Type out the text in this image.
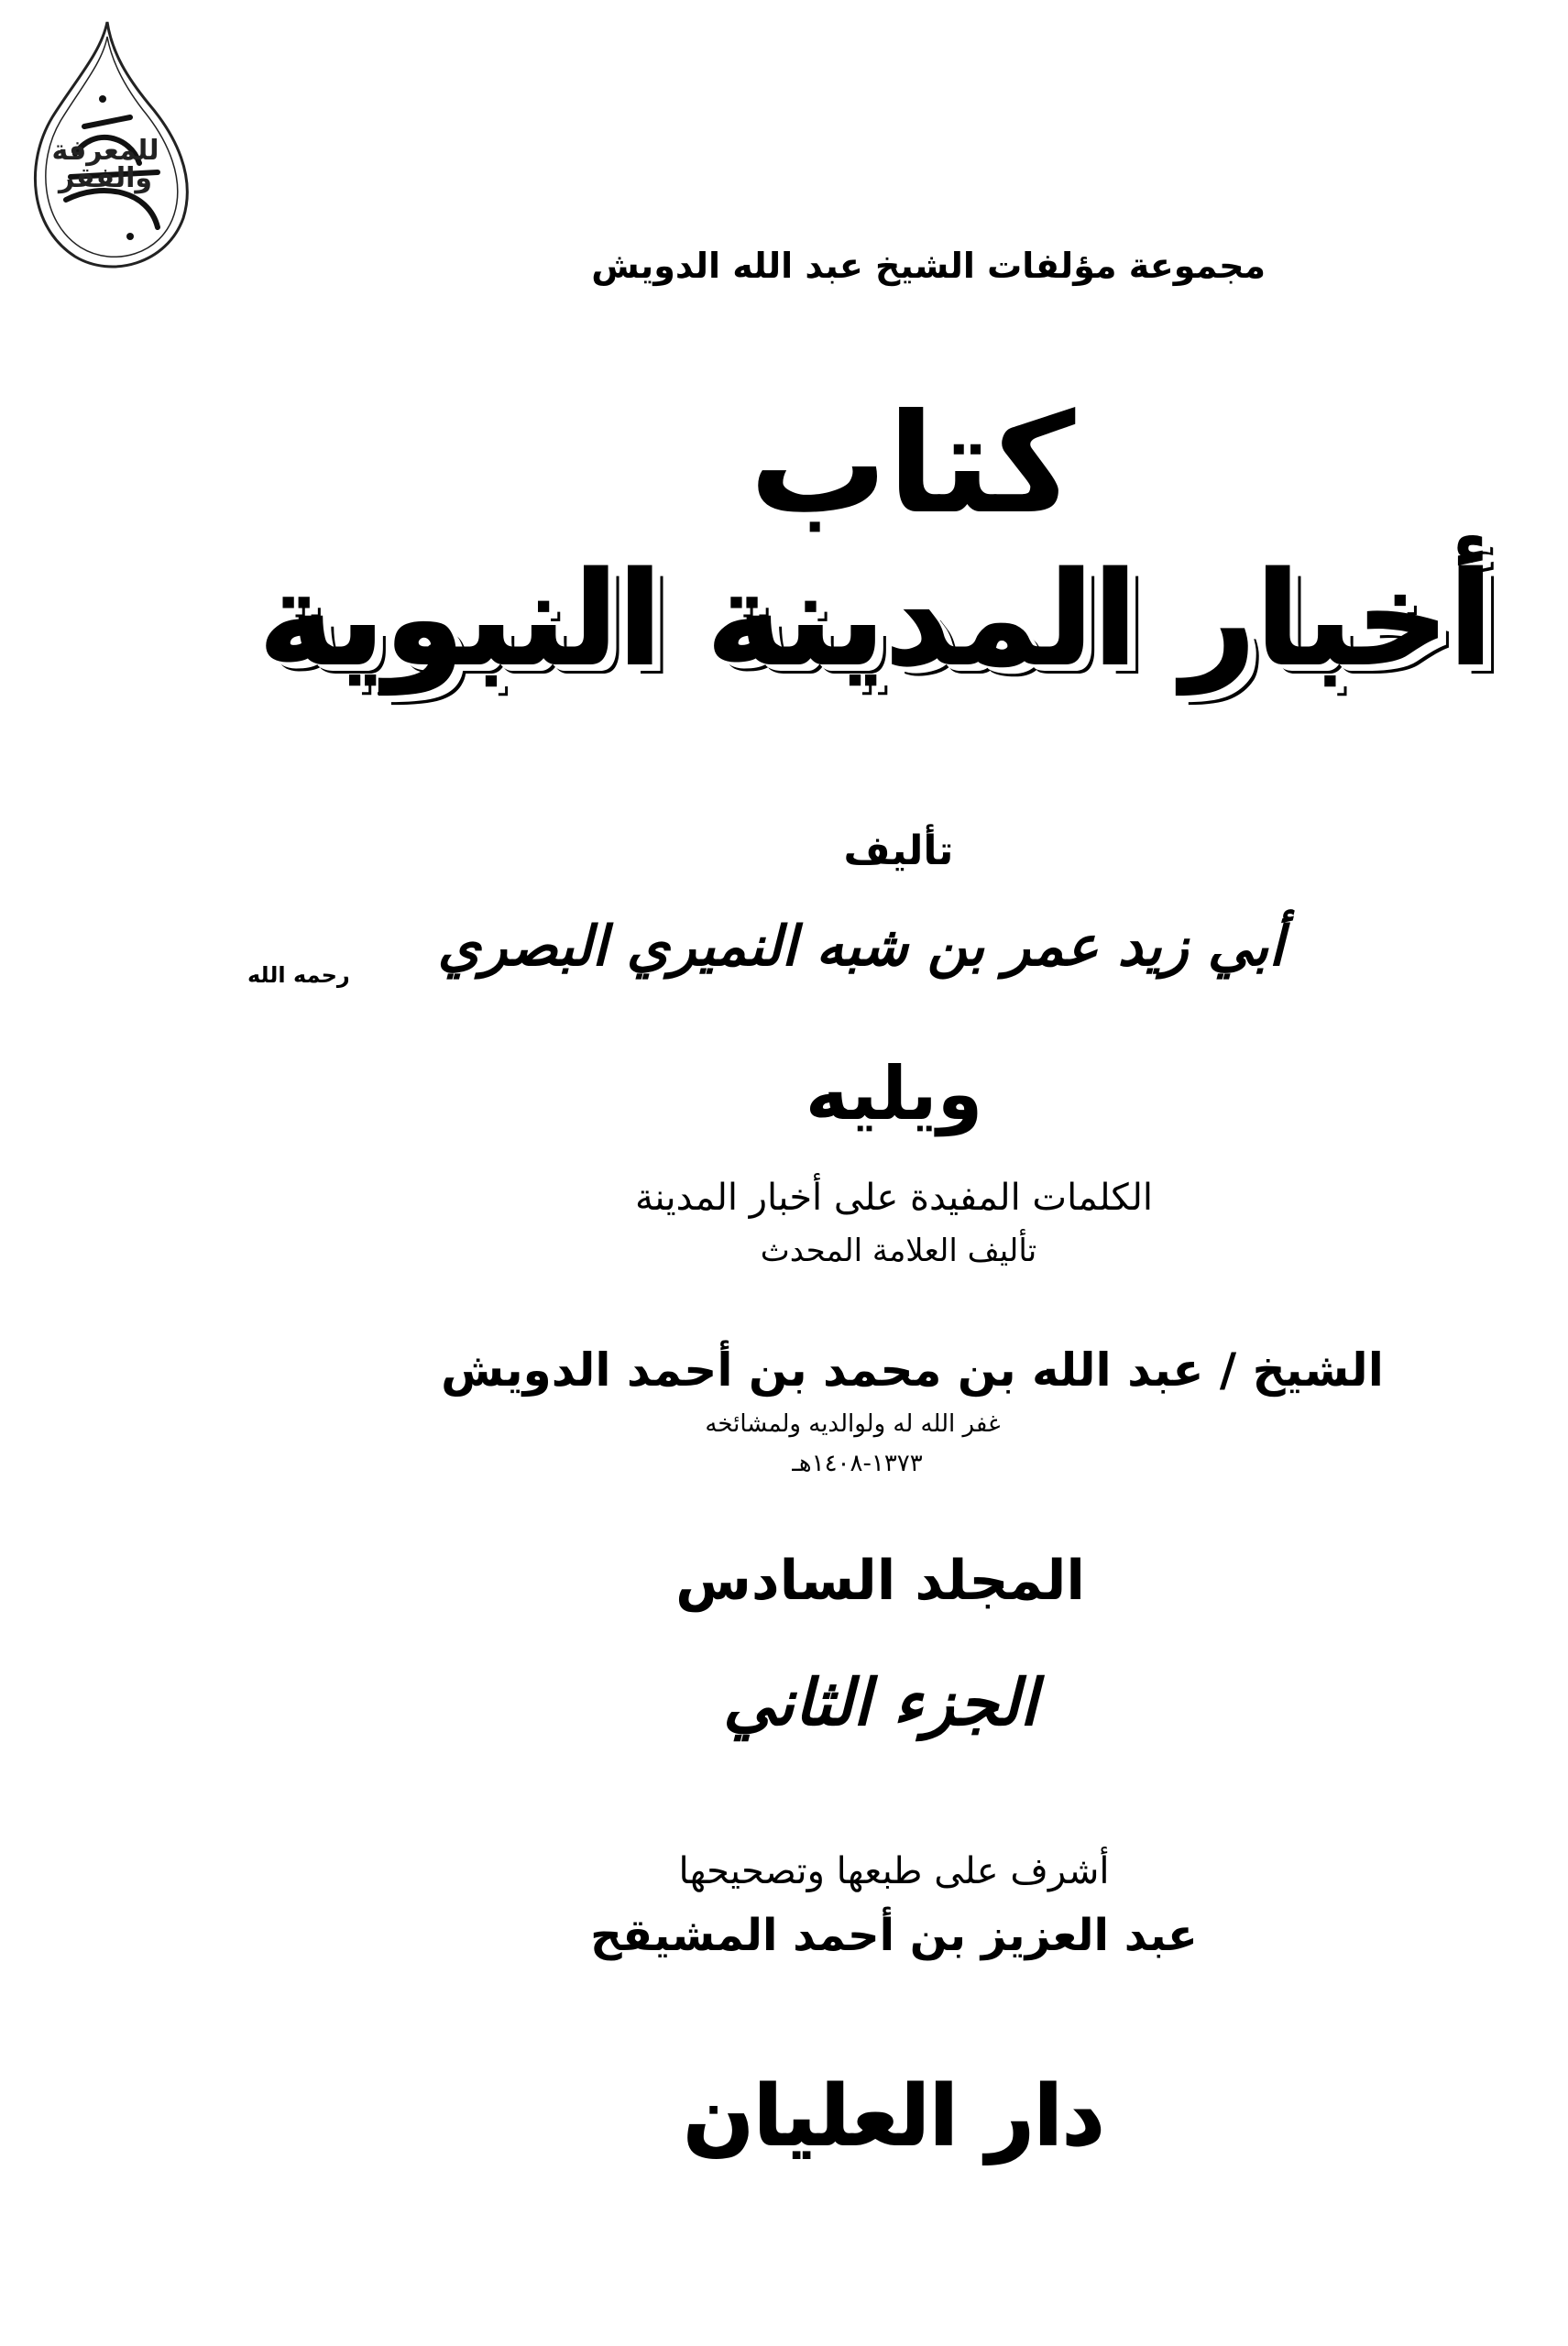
للمعرفة والفقر
مجموعة مؤلفات الشيخ عبد الله الدويش
كتاب
أخبار المدينة النبوية
تأليف
أبي زيد عمر بن شبه النميري البصري
رحمه الله
ويليه
الكلمات المفيدة على أخبار المدينة
تأليف العلامة المحدث
الشيخ / عبد الله بن محمد بن أحمد الدويش
غفر الله له ولوالديه ولمشائخه
١٣٧٣-١٤٠٨هـ
المجلد السادس
الجزء الثاني
أشرف على طبعها وتصحيحها
عبد العزيز بن أحمد المشيقح
دار العليان
